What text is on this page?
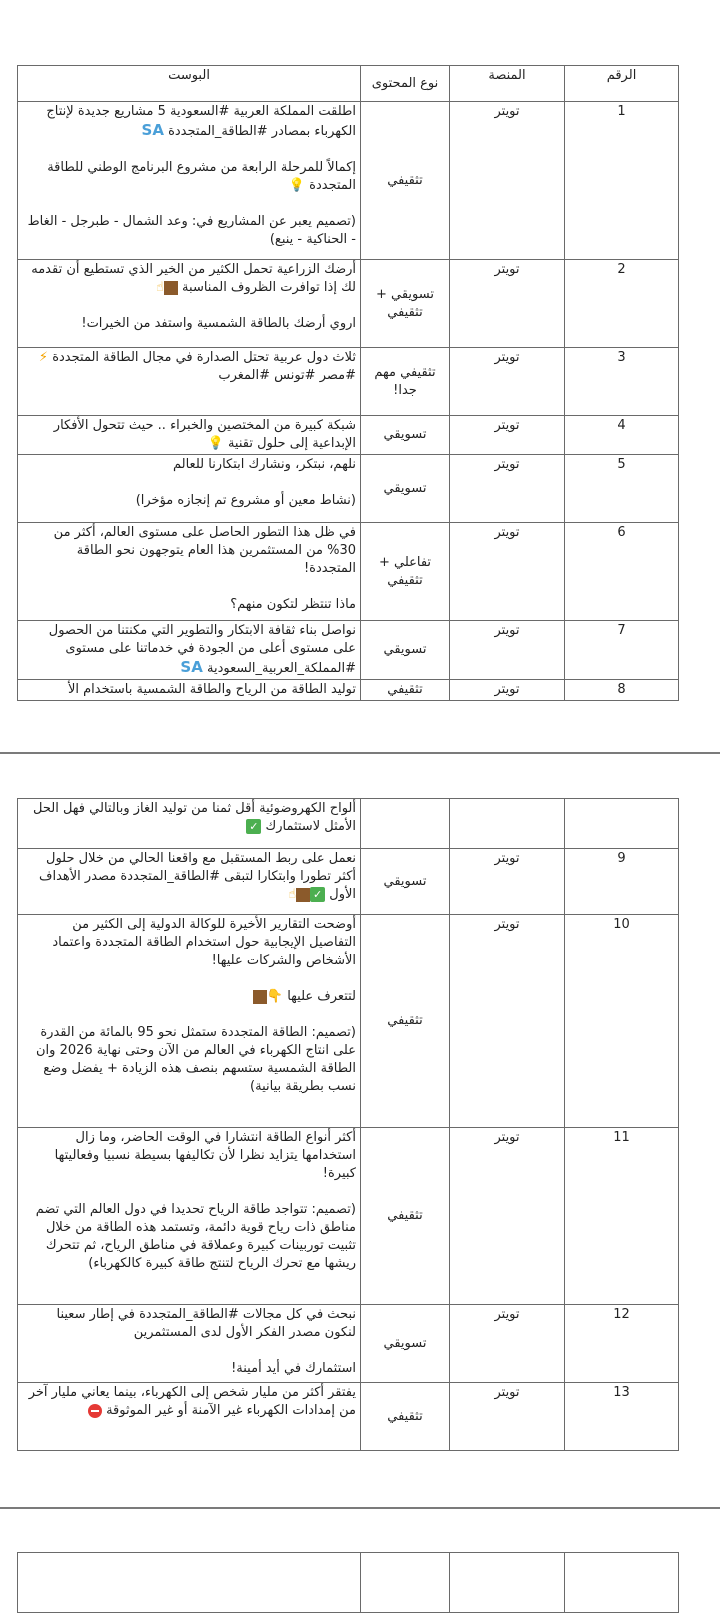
البوست	نوع المحتوى	المنصة	الرقم

اطلقت المملكة العربية #السعودية 5 مشاريع جديدة لإنتاج الكهرباء بمصادر #الطاقة_المتجددة SA

إكمالاً للمرحلة الرابعة من مشروع البرنامج الوطني للطاقة المتجددة 💡

(تصميم يعبر عن المشاريع في: وعد الشمال - طبرجل - الغاط - الحناكية - ينبع)	تثقيفي	تويتر	1

أرضك الزراعية تحمل الكثير من الخير الذي تستطيع أن تقدمه لك إذا توافرت الظروف المناسبة ☝

اروي أرضك بالطاقة الشمسية واستفد من الخيرات!	تسويقي + تثقيفي	تويتر	2

ثلاث دول عربية تحتل الصدارة في مجال الطاقة المتجددة ⚡

#مصر #تونس #المغرب	تثقيفي مهم جدا!	تويتر	3

شبكة كبيرة من المختصين والخبراء .. حيث تتحول الأفكار الإبداعية إلى حلول تقنية 💡	تسويقي	تويتر	4

نلهم، نبتكر، ونشارك ابتكارنا للعالم

(نشاط معين أو مشروع تم إنجازه مؤخرا)	تسويقي	تويتر	5

في ظل هذا التطور الحاصل على مستوى العالم، أكثر من 30% من المستثمرين هذا العام يتوجهون نحو الطاقة المتجددة!

ماذا تنتظر لتكون منهم؟	تفاعلي + تثقيفي	تويتر	6

نواصل بناء ثقافة الابتكار والتطوير التي مكنتنا من الحصول على مستوى أعلى من الجودة في خدماتنا على مستوى #المملكة_العربية_السعودية SA	تسويقي	تويتر	7

توليد الطاقة من الرياح والطاقة الشمسية باستخدام الأ	تثقيفي	تويتر	8

ألواح الكهروضوئية أقل ثمنا من توليد الغاز وبالتالي فهل الحل الأمثل لاستثمارك ✓			

نعمل على ربط المستقبل مع واقعنا الحالي من خلال حلول أكثر تطورا وابتكارا لتبقى #الطاقة_المتجددة مصدر الأهداف الأول ✓☝	تسويقي	تويتر	9

أوضحت التقارير الأخيرة للوكالة الدولية إلى الكثير من التفاصيل الإيجابية حول استخدام الطاقة المتجددة واعتماد الأشخاص والشركات عليها!

لتتعرف عليها 👇

(تصميم: الطاقة المتجددة ستمثل نحو 95 بالمائة من القدرة على انتاج الكهرباء في العالم من الآن وحتى نهاية 2026 وان الطاقة الشمسية ستسهم بنصف هذه الزيادة + يفضل وضع نسب بطريقة بيانية)	تثقيفي	تويتر	10

أكثر أنواع الطاقة انتشارا في الوقت الحاضر، وما زال استخدامها يتزايد نظرا لأن تكاليفها بسيطة نسبيا وفعاليتها كبيرة!

(تصميم: تتواجد طاقة الرياح تحديدا في دول العالم التي تضم مناطق ذات رياح قوية دائمة، وتستمد هذه الطاقة من خلال تثبيت توربينات كبيرة وعملاقة في مناطق الرياح، ثم تتحرك ريشها مع تحرك الرياح لتنتج طاقة كبيرة كالكهرباء)	تثقيفي	تويتر	11

نبحث في كل مجالات #الطاقة_المتجددة في إطار سعينا لنكون مصدر الفكر الأول لدى المستثمرين

استثمارك في أيد أمينة!	تسويقي	تويتر	12

يفتقر أكثر من مليار شخص إلى الكهرباء، بينما يعاني مليار آخر من إمدادات الكهرباء غير الآمنة أو غير الموثوقة	تثقيفي	تويتر	13
